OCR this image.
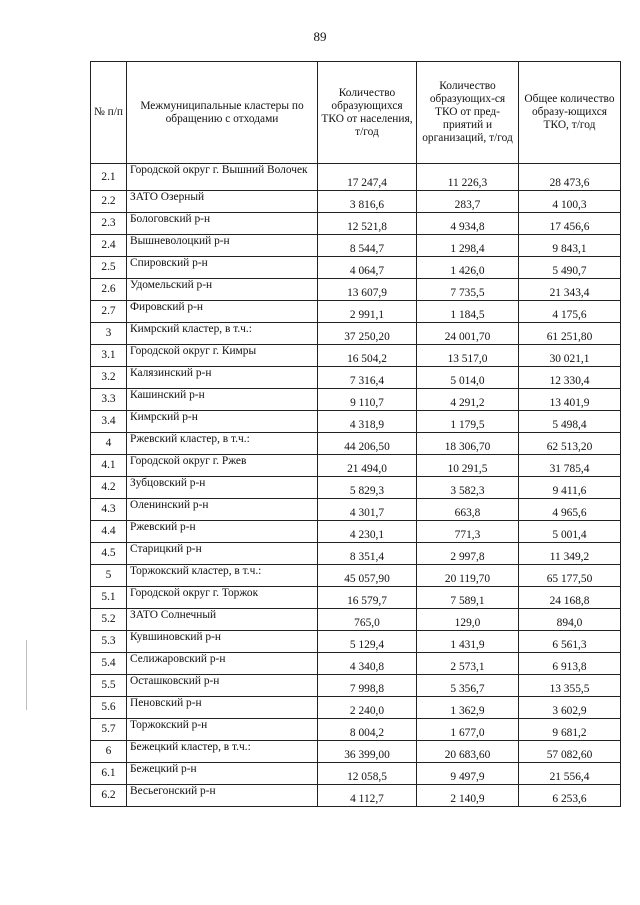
89
№ п/п	Межмуниципальные кластеры по обращению с отходами	Количество образующихся ТКО от населения, т/год	Количество образующих-ся ТКО от пред-приятий и организаций, т/год	Общее количество образу-ющихся ТКО, т/год
2.1	Городской округ г. Вышний Волочек	17 247,4	11 226,3	28 473,6
2.2	ЗАТО Озерный	3 816,6	283,7	4 100,3
2.3	Бологовский р-н	12 521,8	4 934,8	17 456,6
2.4	Вышневолоцкий р-н	8 544,7	1 298,4	9 843,1
2.5	Спировский р-н	4 064,7	1 426,0	5 490,7
2.6	Удомельский р-н	13 607,9	7 735,5	21 343,4
2.7	Фировский р-н	2 991,1	1 184,5	4 175,6
3	Кимрский кластер, в т.ч.:	37 250,20	24 001,70	61 251,80
3.1	Городской округ г. Кимры	16 504,2	13 517,0	30 021,1
3.2	Калязинский р-н	7 316,4	5 014,0	12 330,4
3.3	Кашинский р-н	9 110,7	4 291,2	13 401,9
3.4	Кимрский р-н	4 318,9	1 179,5	5 498,4
4	Ржевский кластер, в т.ч.:	44 206,50	18 306,70	62 513,20
4.1	Городской округ г. Ржев	21 494,0	10 291,5	31 785,4
4.2	Зубцовский р-н	5 829,3	3 582,3	9 411,6
4.3	Оленинский р-н	4 301,7	663,8	4 965,6
4.4	Ржевский р-н	4 230,1	771,3	5 001,4
4.5	Старицкий р-н	8 351,4	2 997,8	11 349,2
5	Торжокский кластер, в т.ч.:	45 057,90	20 119,70	65 177,50
5.1	Городской округ г. Торжок	16 579,7	7 589,1	24 168,8
5.2	ЗАТО Солнечный	765,0	129,0	894,0
5.3	Кувшиновский р-н	5 129,4	1 431,9	6 561,3
5.4	Селижаровский р-н	4 340,8	2 573,1	6 913,8
5.5	Осташковский р-н	7 998,8	5 356,7	13 355,5
5.6	Пеновский р-н	2 240,0	1 362,9	3 602,9
5.7	Торжокский р-н	8 004,2	1 677,0	9 681,2
6	Бежецкий кластер, в т.ч.:	36 399,00	20 683,60	57 082,60
6.1	Бежецкий р-н	12 058,5	9 497,9	21 556,4
6.2	Весьегонский р-н	4 112,7	2 140,9	6 253,6
